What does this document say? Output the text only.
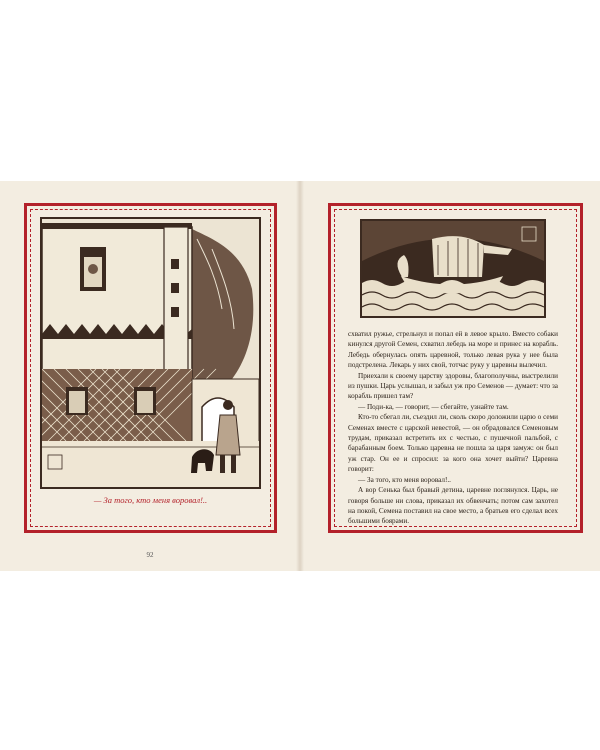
— За того, кто меня воровал!..
92

схватил ружье, стрельнул и попал ей в левое крыло. Вместо собаки кинулся другой Семен, схватил лебедь на море и принес на корабль. Лебедь обернулась опять царевной, только левая рука у нее была подстрелена. Лекарь у них свой, тотчас руку у царевны вылечил.

Приехали к своему царству здоровы, благополучны, выстрелили из пушки. Царь услышал, и забыл уж про Семенов — думает: что за корабль пришел там?

— Поди-ка, — говорит, — сбегайте, узнайте там.

Кто-то сбегал ли, съездил ли, сколь скоро доложили царю о семи Семенах вместе с царской невестой, — он обрадовался Семеновым трудам, приказал встретить их с честью, с пушечной пальбой, с барабанным боем. Только царевна не пошла за царя замуж: он был уж стар. Он ее и спросил: за кого она хочет выйти? Царевна говорит:

— За того, кто меня воровал!..

А вор Сенька был бравый детина, царевне поглянулся. Царь, не говоря больше ни слова, приказал их обвенчать; потом сам захотел на покой, Семена поставил на свое место, а братьев его сделал всех большими боярами.
